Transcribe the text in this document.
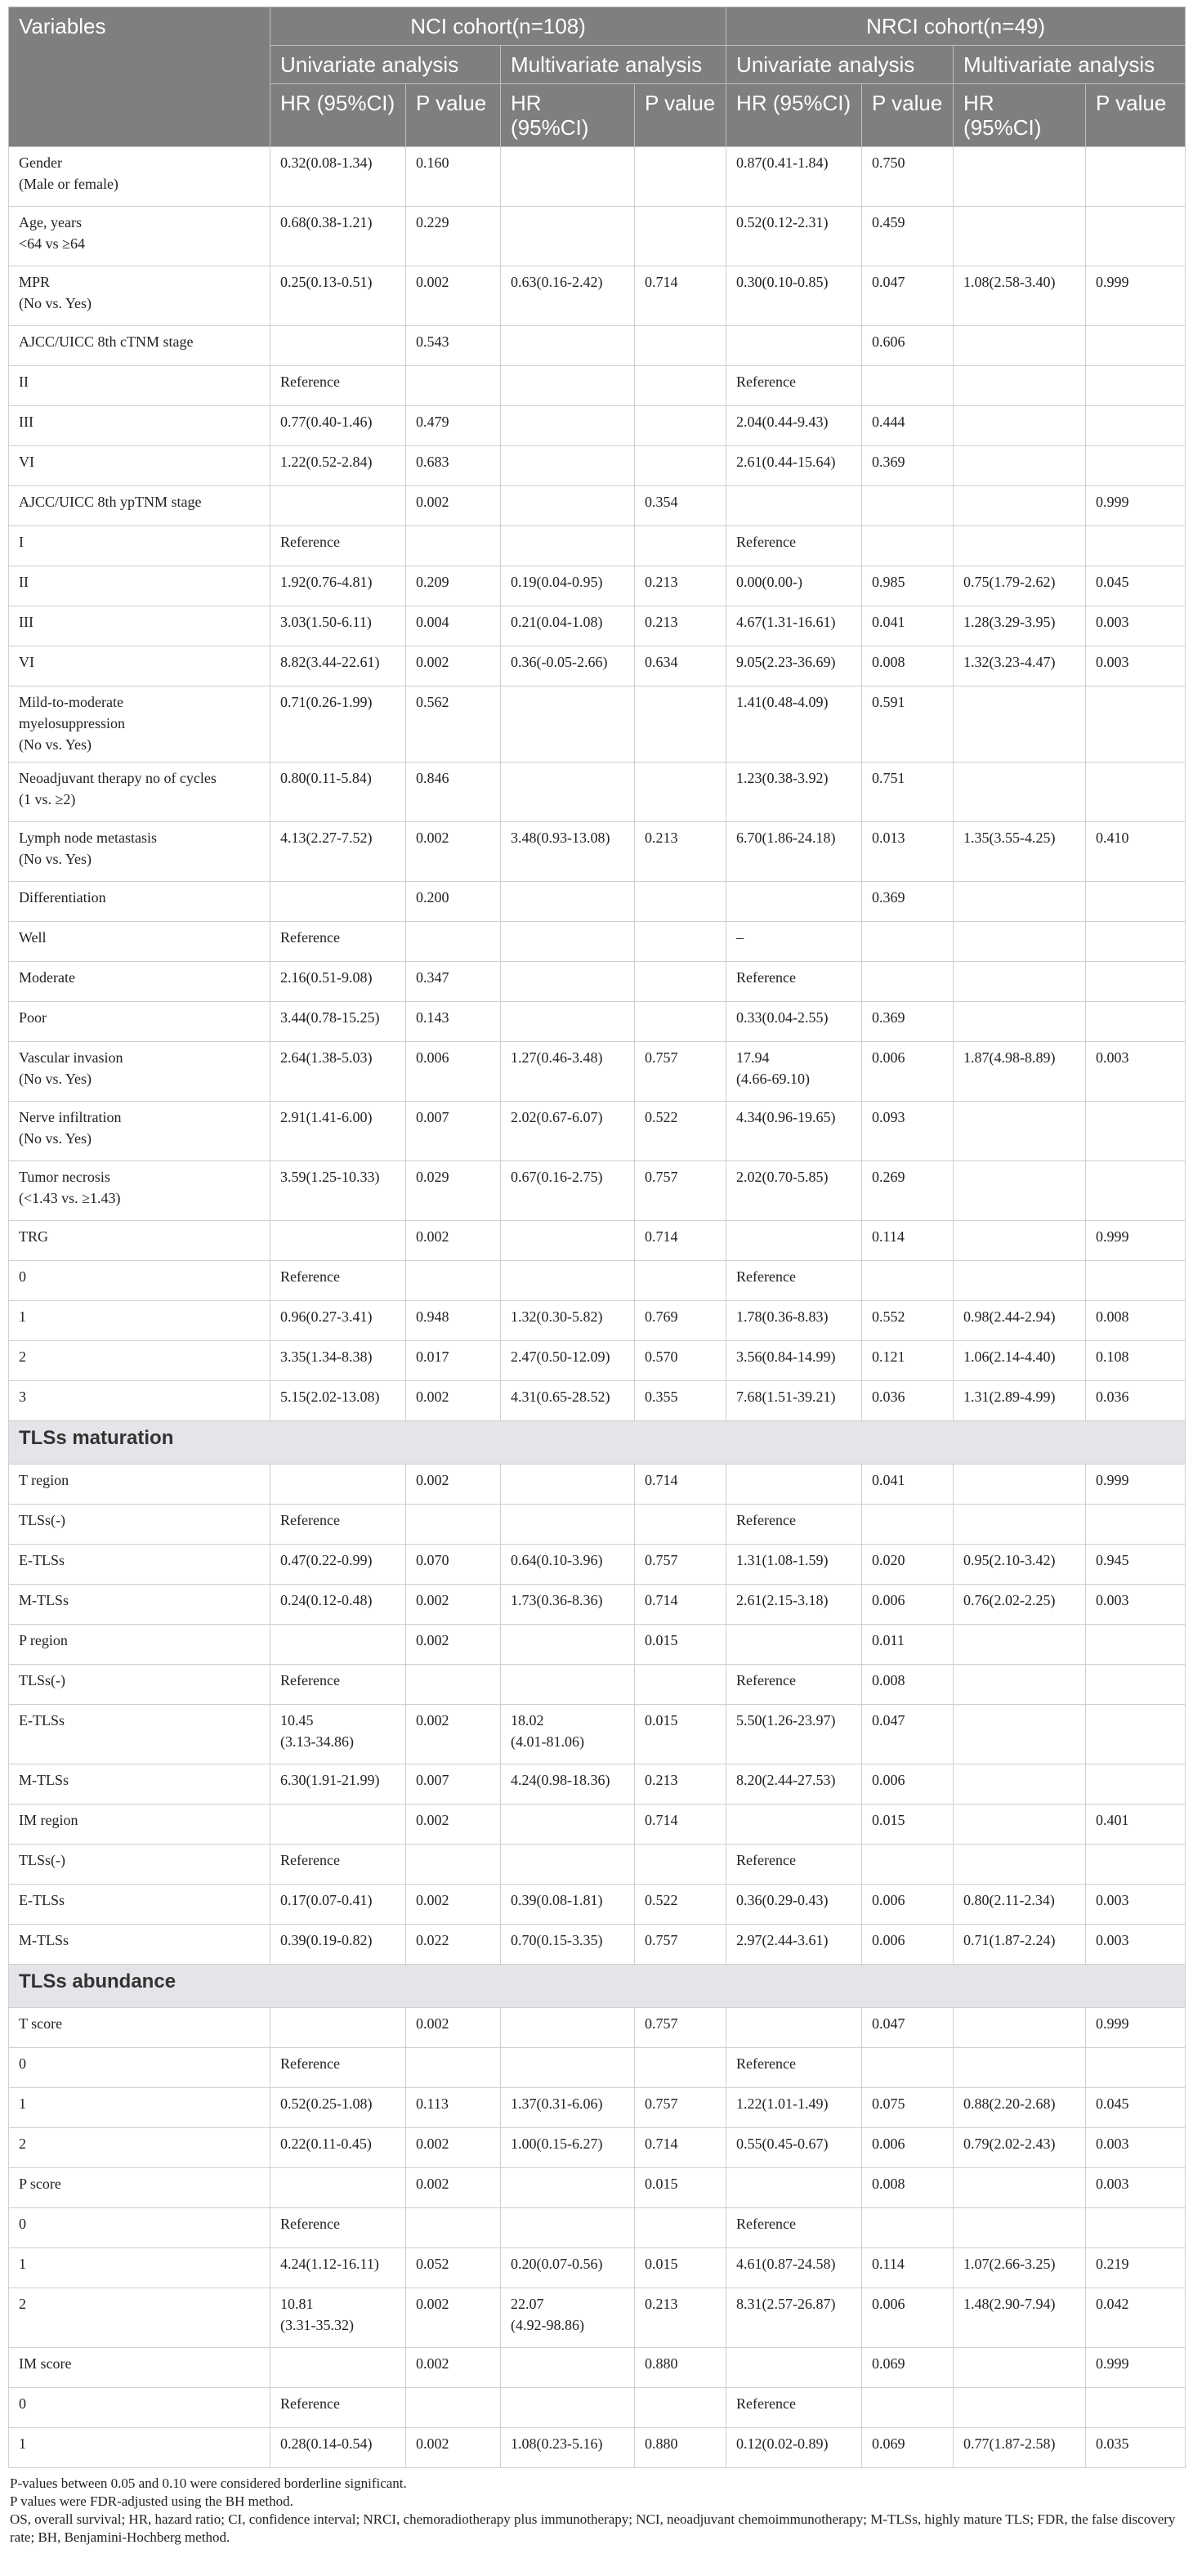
Variables	NCI cohort(n=108)				NRCI cohort(n=49)			
	Univariate analysis		Multivariate analysis		Univariate analysis		Multivariate analysis	
	HR (95%CI)	P value	HR (95%CI)	P value	HR (95%CI)	P value	HR (95%CI)	P value
Gender
(Male or female)	0.32(0.08-1.34)	0.160			0.87(0.41-1.84)	0.750		
Age, years
<64 vs ≥64	0.68(0.38-1.21)	0.229			0.52(0.12-2.31)	0.459		
MPR
(No vs. Yes)	0.25(0.13-0.51)	0.002	0.63(0.16-2.42)	0.714	0.30(0.10-0.85)	0.047	1.08(2.58-3.40)	0.999
AJCC/UICC 8th cTNM stage		0.543				0.606		
II	Reference				Reference			
III	0.77(0.40-1.46)	0.479			2.04(0.44-9.43)	0.444		
VI	1.22(0.52-2.84)	0.683			2.61(0.44-15.64)	0.369		
AJCC/UICC 8th ypTNM stage		0.002		0.354				0.999
I	Reference				Reference			
II	1.92(0.76-4.81)	0.209	0.19(0.04-0.95)	0.213	0.00(0.00-)	0.985	0.75(1.79-2.62)	0.045
III	3.03(1.50-6.11)	0.004	0.21(0.04-1.08)	0.213	4.67(1.31-16.61)	0.041	1.28(3.29-3.95)	0.003
VI	8.82(3.44-22.61)	0.002	0.36(-0.05-2.66)	0.634	9.05(2.23-36.69)	0.008	1.32(3.23-4.47)	0.003
Mild-to-moderate
myelosuppression
(No vs. Yes)	0.71(0.26-1.99)	0.562			1.41(0.48-4.09)	0.591		
Neoadjuvant therapy no of cycles
(1 vs. ≥2)	0.80(0.11-5.84)	0.846			1.23(0.38-3.92)	0.751		
Lymph node metastasis
(No vs. Yes)	4.13(2.27-7.52)	0.002	3.48(0.93-13.08)	0.213	6.70(1.86-24.18)	0.013	1.35(3.55-4.25)	0.410
Differentiation		0.200				0.369		
Well	Reference				–			
Moderate	2.16(0.51-9.08)	0.347			Reference			
Poor	3.44(0.78-15.25)	0.143			0.33(0.04-2.55)	0.369		
Vascular invasion
(No vs. Yes)	2.64(1.38-5.03)	0.006	1.27(0.46-3.48)	0.757	17.94
(4.66-69.10)	0.006	1.87(4.98-8.89)	0.003
Nerve infiltration
(No vs. Yes)	2.91(1.41-6.00)	0.007	2.02(0.67-6.07)	0.522	4.34(0.96-19.65)	0.093		
Tumor necrosis
(<1.43 vs. ≥1.43)	3.59(1.25-10.33)	0.029	0.67(0.16-2.75)	0.757	2.02(0.70-5.85)	0.269		
TRG		0.002		0.714		0.114		0.999
0	Reference				Reference			
1	0.96(0.27-3.41)	0.948	1.32(0.30-5.82)	0.769	1.78(0.36-8.83)	0.552	0.98(2.44-2.94)	0.008
2	3.35(1.34-8.38)	0.017	2.47(0.50-12.09)	0.570	3.56(0.84-14.99)	0.121	1.06(2.14-4.40)	0.108
3	5.15(2.02-13.08)	0.002	4.31(0.65-28.52)	0.355	7.68(1.51-39.21)	0.036	1.31(2.89-4.99)	0.036
TLSs maturation								
T region		0.002		0.714		0.041		0.999
TLSs(-)	Reference				Reference			
E-TLSs	0.47(0.22-0.99)	0.070	0.64(0.10-3.96)	0.757	1.31(1.08-1.59)	0.020	0.95(2.10-3.42)	0.945
M-TLSs	0.24(0.12-0.48)	0.002	1.73(0.36-8.36)	0.714	2.61(2.15-3.18)	0.006	0.76(2.02-2.25)	0.003
P region		0.002		0.015		0.011		
TLSs(-)	Reference				Reference	0.008		
E-TLSs	10.45
(3.13-34.86)	0.002	18.02
(4.01-81.06)	0.015	5.50(1.26-23.97)	0.047		
M-TLSs	6.30(1.91-21.99)	0.007	4.24(0.98-18.36)	0.213	8.20(2.44-27.53)	0.006		
IM region		0.002		0.714		0.015		0.401
TLSs(-)	Reference				Reference			
E-TLSs	0.17(0.07-0.41)	0.002	0.39(0.08-1.81)	0.522	0.36(0.29-0.43)	0.006	0.80(2.11-2.34)	0.003
M-TLSs	0.39(0.19-0.82)	0.022	0.70(0.15-3.35)	0.757	2.97(2.44-3.61)	0.006	0.71(1.87-2.24)	0.003
TLSs abundance								
T score		0.002		0.757		0.047		0.999
0	Reference				Reference			
1	0.52(0.25-1.08)	0.113	1.37(0.31-6.06)	0.757	1.22(1.01-1.49)	0.075	0.88(2.20-2.68)	0.045
2	0.22(0.11-0.45)	0.002	1.00(0.15-6.27)	0.714	0.55(0.45-0.67)	0.006	0.79(2.02-2.43)	0.003
P score		0.002		0.015		0.008		0.003
0	Reference				Reference			
1	4.24(1.12-16.11)	0.052	0.20(0.07-0.56)	0.015	4.61(0.87-24.58)	0.114	1.07(2.66-3.25)	0.219
2	10.81
(3.31-35.32)	0.002	22.07
(4.92-98.86)	0.213	8.31(2.57-26.87)	0.006	1.48(2.90-7.94)	0.042
IM score		0.002		0.880		0.069		0.999
0	Reference				Reference			
1	0.28(0.14-0.54)	0.002	1.08(0.23-5.16)	0.880	0.12(0.02-0.89)	0.069	0.77(1.87-2.58)	0.035
P-values between 0.05 and 0.10 were considered borderline significant.
P values were FDR-adjusted using the BH method.
OS, overall survival; HR, hazard ratio; CI, confidence interval; NRCI, chemoradiotherapy plus immunotherapy; NCI, neoadjuvant chemoimmunotherapy; M-TLSs, highly mature TLS; FDR, the false discovery rate; BH, Benjamini-Hochberg method.
